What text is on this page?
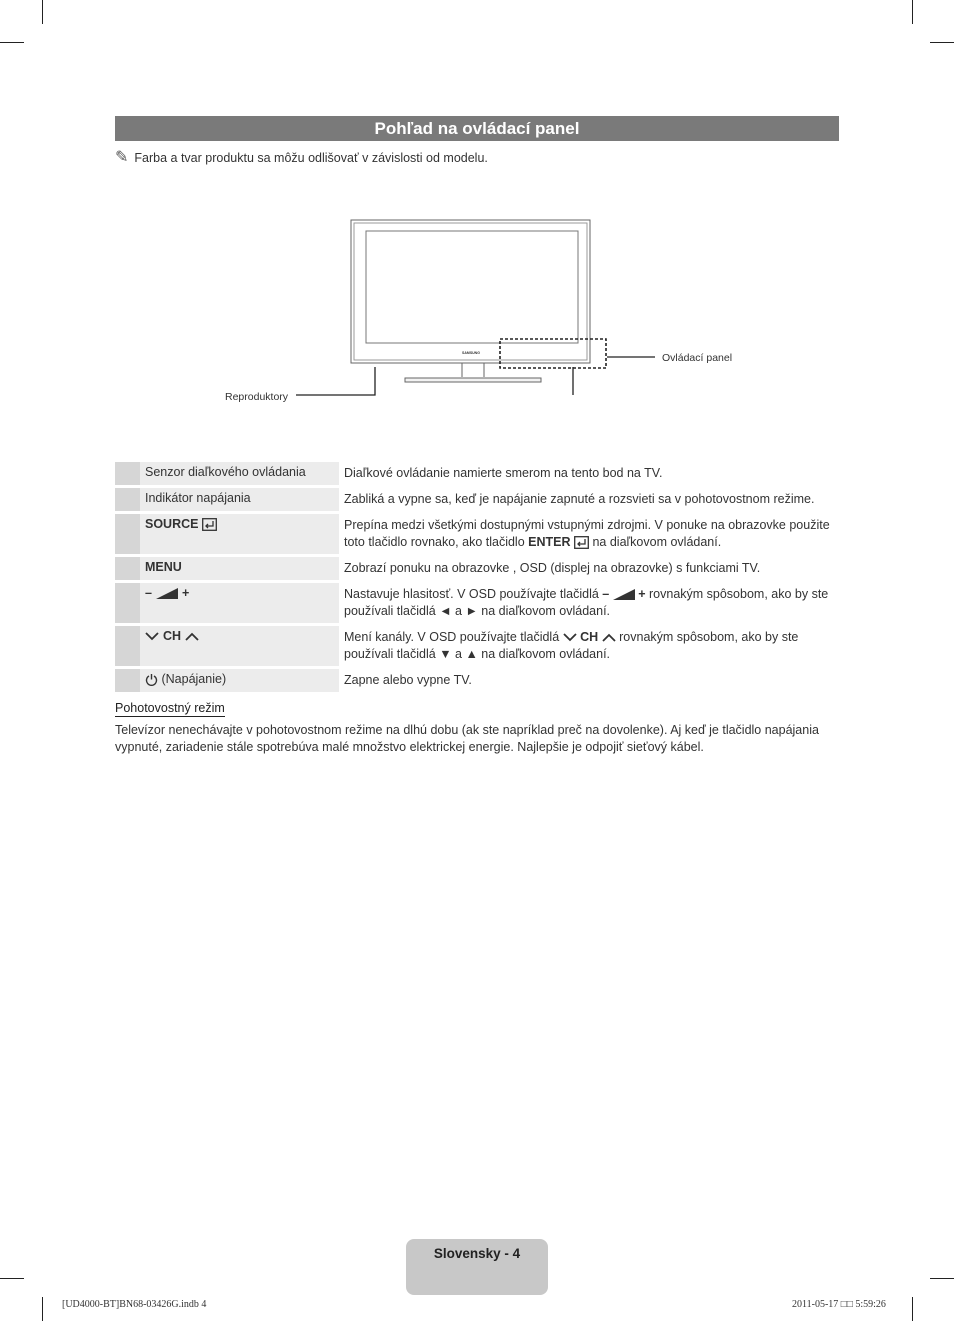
Pohľad na ovládací panel
✎ Farba a tvar produktu sa môžu odlišovať v závislosti od modelu.
SAMSUNG	Ovládací panel
Reproduktory
Senzor diaľkového ovládania	Diaľkové ovládanie namierte smerom na tento bod na TV.
Indikátor napájania	Zabliká a vypne sa, keď je napájanie zapnuté a rozsvieti sa v pohotovostnom režime.
SOURCE	Prepína medzi všetkými dostupnými vstupnými zdrojmi. V ponuke na obrazovke použite toto tlačidlo rovnako, ako tlačidlo ENTER  na diaľkovom ovládaní.
MENU	Zobrazí ponuku na obrazovke , OSD (displej na obrazovke) s funkciami TV.
– +	Nastavuje hlasitosť. V OSD používajte tlačidlá – + rovnakým spôsobom, ako by ste používali tlačidlá ◄ a ► na diaľkovom ovládaní.
CH	Mení kanály. V OSD používajte tlačidlá  CH  rovnakým spôsobom, ako by ste používali tlačidlá ▼ a ▲ na diaľkovom ovládaní.
(Napájanie)	Zapne alebo vypne TV.
Pohotovostný režim
Televízor nenechávajte v pohotovostnom režime na dlhú dobu (ak ste napríklad preč na dovolenke). Aj keď je tlačidlo napájania vypnuté, zariadenie stále spotrebúva malé množstvo elektrickej energie. Najlepšie je odpojiť sieťový kábel.
Slovensky - 4
[UD4000-BT]BN68-03426G.indb 4	2011-05-17 □□ 5:59:26
